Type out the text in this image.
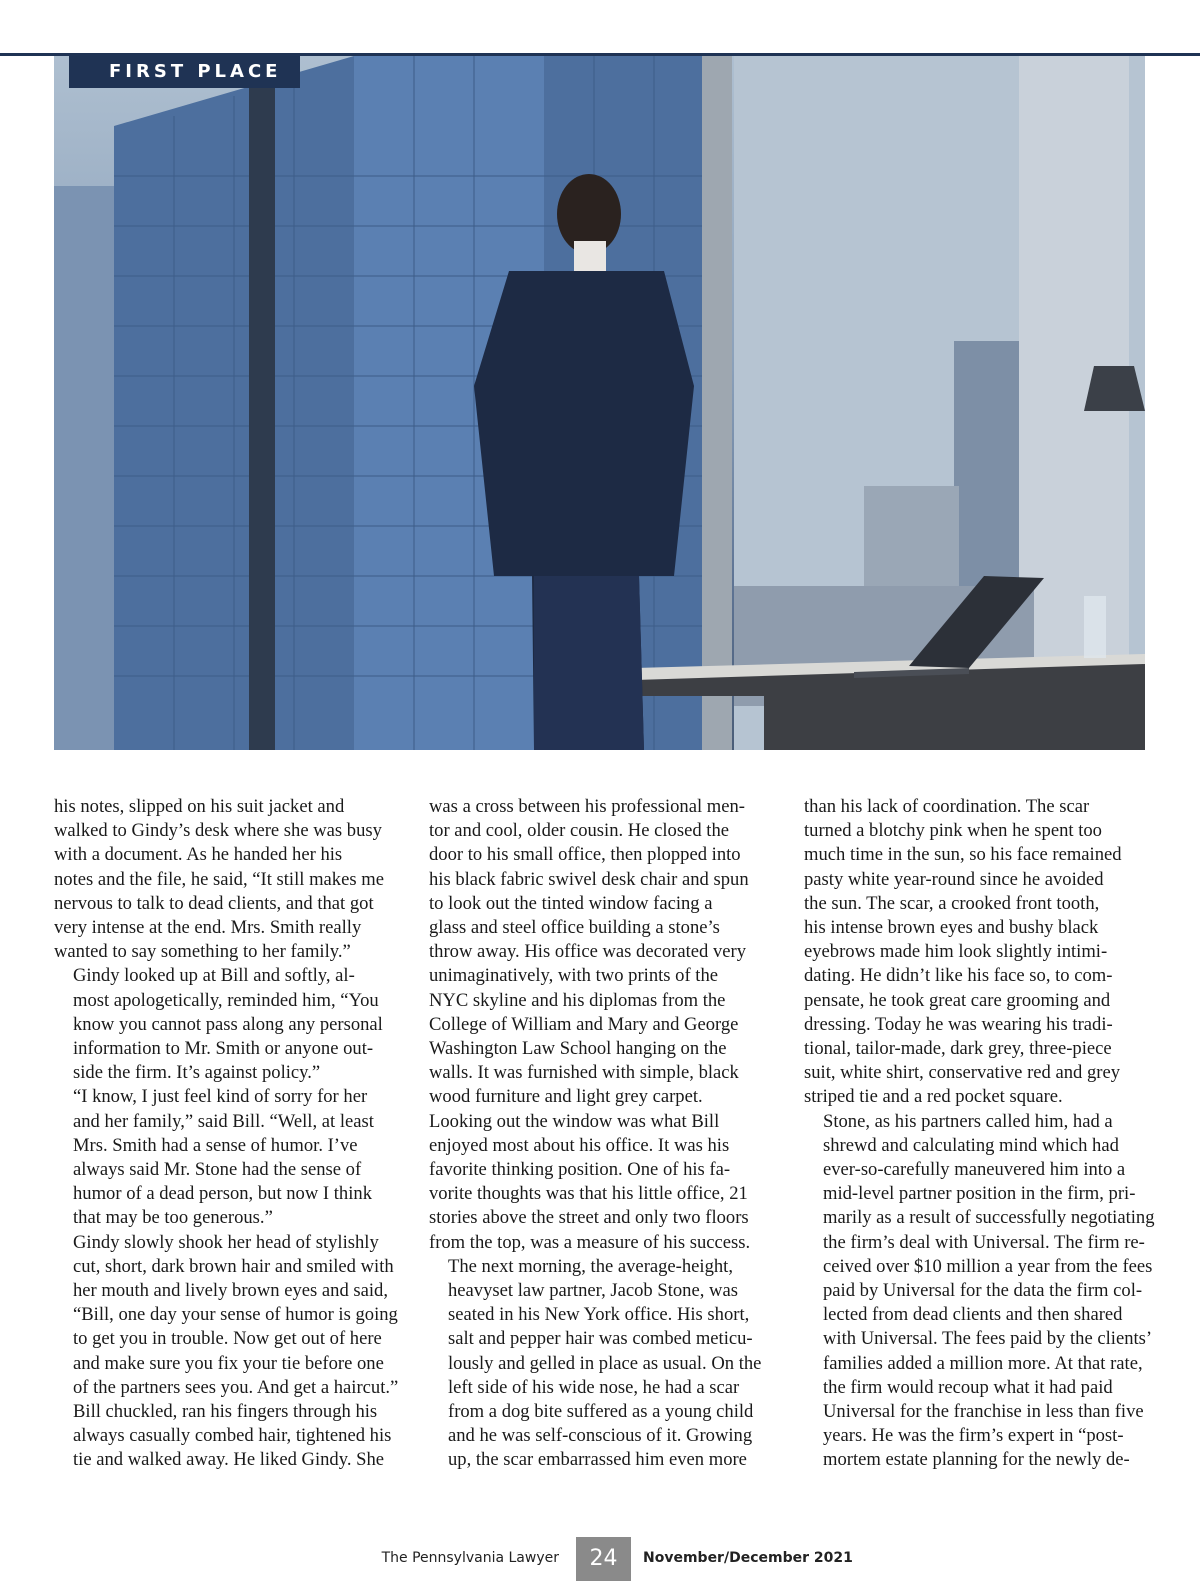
FIRST PLACE

his notes, slipped on his suit jacket and
walked to Gindy’s desk where she was busy
with a document. As he handed her his
notes and the file, he said, “It still makes me
nervous to talk to dead clients, and that got
very intense at the end. Mrs. Smith really
wanted to say something to her family.”

Gindy looked up at Bill and softly, al-
most apologetically, reminded him, “You
know you cannot pass along any personal
information to Mr. Smith or anyone out-
side the firm. It’s against policy.”

“I know, I just feel kind of sorry for her
and her family,” said Bill. “Well, at least
Mrs. Smith had a sense of humor. I’ve
always said Mr. Stone had the sense of
humor of a dead person, but now I think
that may be too generous.”

Gindy slowly shook her head of stylishly
cut, short, dark brown hair and smiled with
her mouth and lively brown eyes and said,
“Bill, one day your sense of humor is going
to get you in trouble. Now get out of here
and make sure you fix your tie before one
of the partners sees you. And get a haircut.”

Bill chuckled, ran his fingers through his
always casually combed hair, tightened his
tie and walked away. He liked Gindy. She

was a cross between his professional men-
tor and cool, older cousin. He closed the
door to his small office, then plopped into
his black fabric swivel desk chair and spun
to look out the tinted window facing a
glass and steel office building a stone’s
throw away. His office was decorated very
unimaginatively, with two prints of the
NYC skyline and his diplomas from the
College of William and Mary and George
Washington Law School hanging on the
walls. It was furnished with simple, black
wood furniture and light grey carpet.
Looking out the window was what Bill
enjoyed most about his office. It was his
favorite thinking position. One of his fa-
vorite thoughts was that his little office, 21
stories above the street and only two floors
from the top, was a measure of his success.

The next morning, the average-height,
heavyset law partner, Jacob Stone, was
seated in his New York office. His short,
salt and pepper hair was combed meticu-
lously and gelled in place as usual. On the
left side of his wide nose, he had a scar
from a dog bite suffered as a young child
and he was self-conscious of it. Growing
up, the scar embarrassed him even more

than his lack of coordination. The scar
turned a blotchy pink when he spent too
much time in the sun, so his face remained
pasty white year-round since he avoided
the sun. The scar, a crooked front tooth,
his intense brown eyes and bushy black
eyebrows made him look slightly intimi-
dating. He didn’t like his face so, to com-
pensate, he took great care grooming and
dressing. Today he was wearing his tradi-
tional, tailor-made, dark grey, three-piece
suit, white shirt, conservative red and grey
striped tie and a red pocket square.

Stone, as his partners called him, had a
shrewd and calculating mind which had
ever-so-carefully maneuvered him into a
mid-level partner position in the firm, pri-
marily as a result of successfully negotiating
the firm’s deal with Universal. The firm re-
ceived over $10 million a year from the fees
paid by Universal for the data the firm col-
lected from dead clients and then shared
with Universal. The fees paid by the clients’
families added a million more. At that rate,
the firm would recoup what it had paid
Universal for the franchise in less than five
years. He was the firm’s expert in “post-
mortem estate planning for the newly de-

The Pennsylvania Lawyer	24	November/December 2021
